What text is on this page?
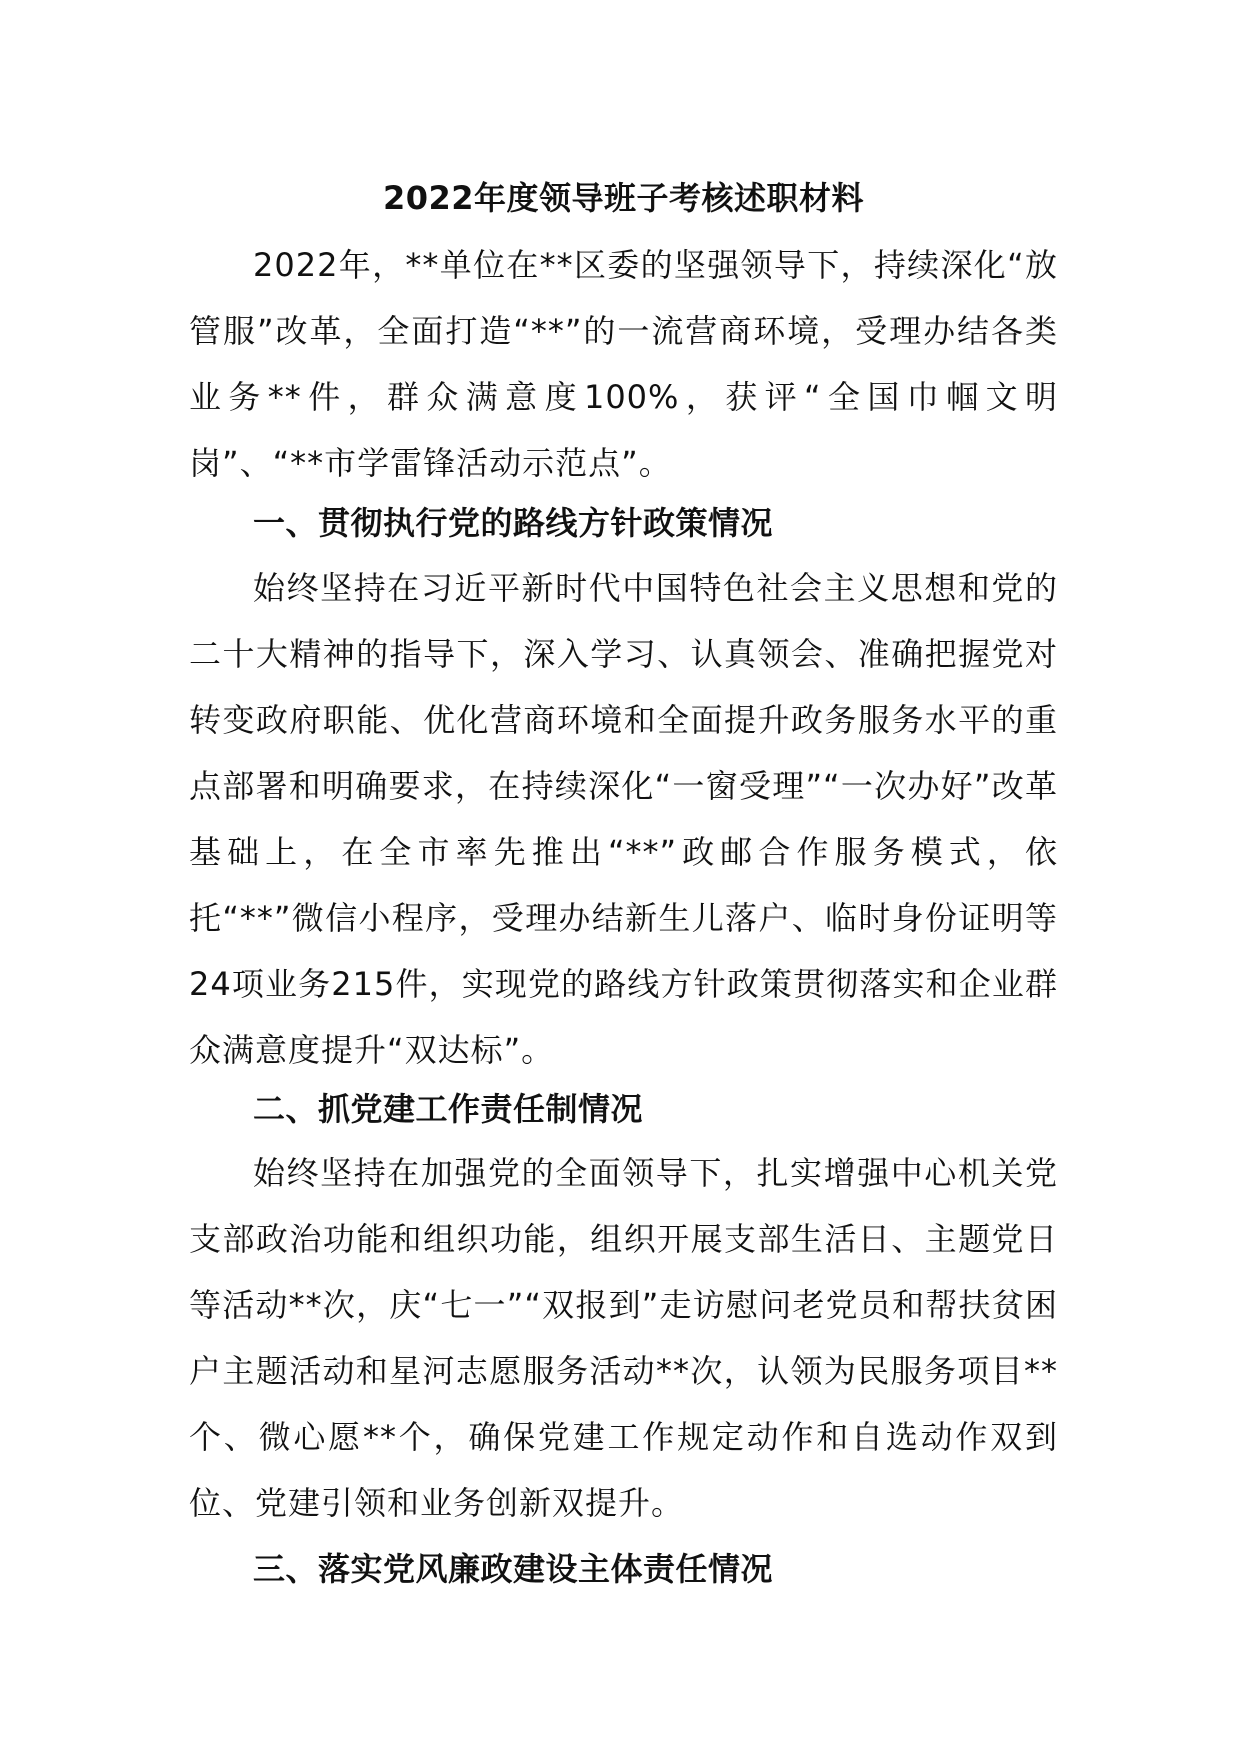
2022年度领导班子考核述职材料

2022年，**单位在**区委的坚强领导下，持续深化“放管服”改革，全面打造“**”的一流营商环境，受理办结各类业务**件，群众满意度100%，获评“全国巾帼文明岗”、“**市学雷锋活动示范点”。

一、贯彻执行党的路线方针政策情况

始终坚持在习近平新时代中国特色社会主义思想和党的二十大精神的指导下，深入学习、认真领会、准确把握党对转变政府职能、优化营商环境和全面提升政务服务水平的重点部署和明确要求，在持续深化“一窗受理”“一次办好”改革基础上，在全市率先推出“**”政邮合作服务模式，依托“**”微信小程序，受理办结新生儿落户、临时身份证明等24项业务215件，实现党的路线方针政策贯彻落实和企业群众满意度提升“双达标”。

二、抓党建工作责任制情况

始终坚持在加强党的全面领导下，扎实增强中心机关党支部政治功能和组织功能，组织开展支部生活日、主题党日等活动**次，庆“七一”“双报到”走访慰问老党员和帮扶贫困户主题活动和星河志愿服务活动**次，认领为民服务项目**个、微心愿**个，确保党建工作规定动作和自选动作双到位、党建引领和业务创新双提升。

三、落实党风廉政建设主体责任情况
